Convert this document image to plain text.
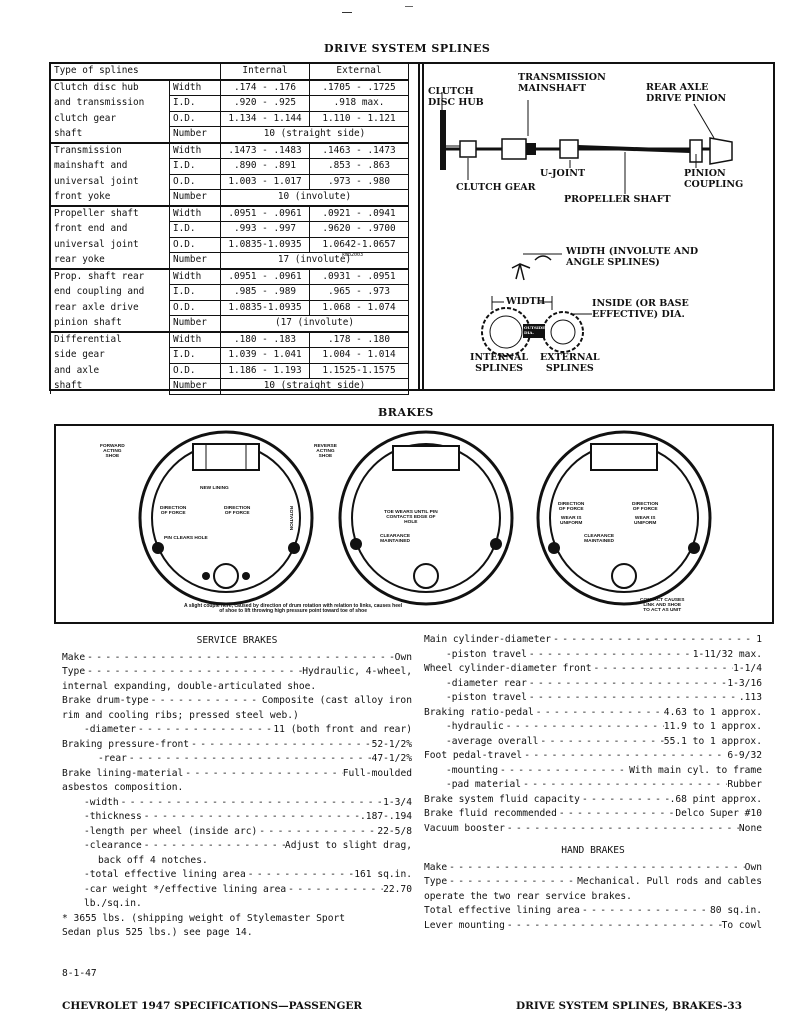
DRIVE SYSTEM SPLINES
Type of splines		Internal	External
Clutch disc hub	Width	.174 - .176	.1705 - .1725
and transmission	I.D.	.920 - .925	.918 max.
clutch gear	O.D.	1.134 - 1.144	1.110 - 1.121
shaft	Number	10 (straight side)	
Transmission	Width	.1473 - .1483	.1463 - .1473
mainshaft and	I.D.	.890 - .891	.853 - .863
universal joint	O.D.	1.003 - 1.017	.973 - .980
front yoke	Number	10 (involute)	
Propeller shaft	Width	.0951 - .0961	.0921 - .0941
front end and	I.D.	.993 - .997	.9620 - .9700
universal joint	O.D.	1.0835-1.0935	1.0642-1.0657
rear yoke	Number	17 (involute)	
Prop. shaft rear	Width	.0951 - .0961	.0931 - .0951
end coupling and	I.D.	.985 - .989	.965 - .973
rear axle drive	O.D.	1.0835-1.0935	1.068 - 1.074
pinion shaft	Number	(17 (involute)	
Differential	Width	.180 - .183	.178 - .180
side gear	I.D.	1.039 - 1.041	1.004 - 1.014
and axle	O.D.	1.186 - 1.193	1.1525-1.1575
shaft	Number	10 (straight side)	
kmb2003
CLUTCH
DISC HUB
TRANSMISSION
MAINSHAFT	REAR AXLE
DRIVE PINION
U-JOINT	PINION
COUPLING
CLUTCH GEAR
PROPELLER SHAFT
WIDTH (INVOLUTE AND
ANGLE SPLINES)
WIDTH	INSIDE (OR BASE
EFFECTIVE) DIA.
OUTSIDE
DIA.
INTERNAL
SPLINES
EXTERNAL
SPLINES
BRAKES
FORWARD
ACTING
SHOE
REVERSE
ACTING
SHOE
NEW LINING
DIRECTION
OF FORCE
DIRECTION
OF FORCE
PIN CLEARS HOLE
ROTATION	TOE WEARS UNTIL PIN
CONTACTS EDGE OF
HOLE
CLEARANCE
MAINTAINED
DIRECTION
OF FORCE
DIRECTION
OF FORCE
WEAR IS
UNIFORM
WEAR IS
UNIFORM
CLEARANCE
MAINTAINED
CONTACT CAUSES
LINK AND SHOE
TO ACT AS UNIT
A slight couple here, caused by direction of drum rotation with relation to links, causes heel
of shoe to lift throwing high pressure point toward toe of shoe
SERVICE BRAKES
Make - - -	Own
Type - - -	Hydraulic, 4-wheel,
internal expanding, double-articulated shoe.
Brake drum-type - - -	Composite (cast alloy iron
rim and cooling ribs; pressed steel web.)
-diameter - - -	11 (both front and rear)
Braking pressure-front - - -	52-1/2%
-rear - - -	47-1/2%
Brake lining-material - - -	Full-moulded
asbestos composition.
-width - - -	1-3/4
-thickness - - -	.187-.194
-length per wheel (inside arc) - - -	22-5/8
-clearance - - -	Adjust to slight drag,
back off 4 notches.
-total effective lining area - - -	161 sq.in.
-car weight */effective lining area - - -	22.70
lb./sq.in.
* 3655 lbs. (shipping weight of Stylemaster Sport
Sedan plus 525 lbs.) see page 14.
Main cylinder-diameter - - -	1
-piston travel - - -	1-11/32 max.
Wheel cylinder-diameter front - - -	1-1/4
-diameter rear - - -	1-3/16
-piston travel - - -	.113
Braking ratio-pedal - - -	4.63 to 1 approx.
-hydraulic - - -	11.9 to 1 approx.
-average overall - - -	55.1 to 1 approx.
Foot pedal-travel - - -	6-9/32
-mounting - - -	With main cyl. to frame
-pad material - - -	Rubber
Brake system fluid capacity - - -	.68 pint approx.
Brake fluid recommended - - -	Delco Super #10
Vacuum booster - - -	None
HAND BRAKES
Make - - -	Own
Type - - -	Mechanical. Pull rods and cables
operate the two rear service brakes.
Total effective lining area - - -	80 sq.in.
Lever mounting - - -	To cowl
8-1-47
CHEVROLET 1947 SPECIFICATIONS—PASSENGER	DRIVE SYSTEM SPLINES, BRAKES-33
